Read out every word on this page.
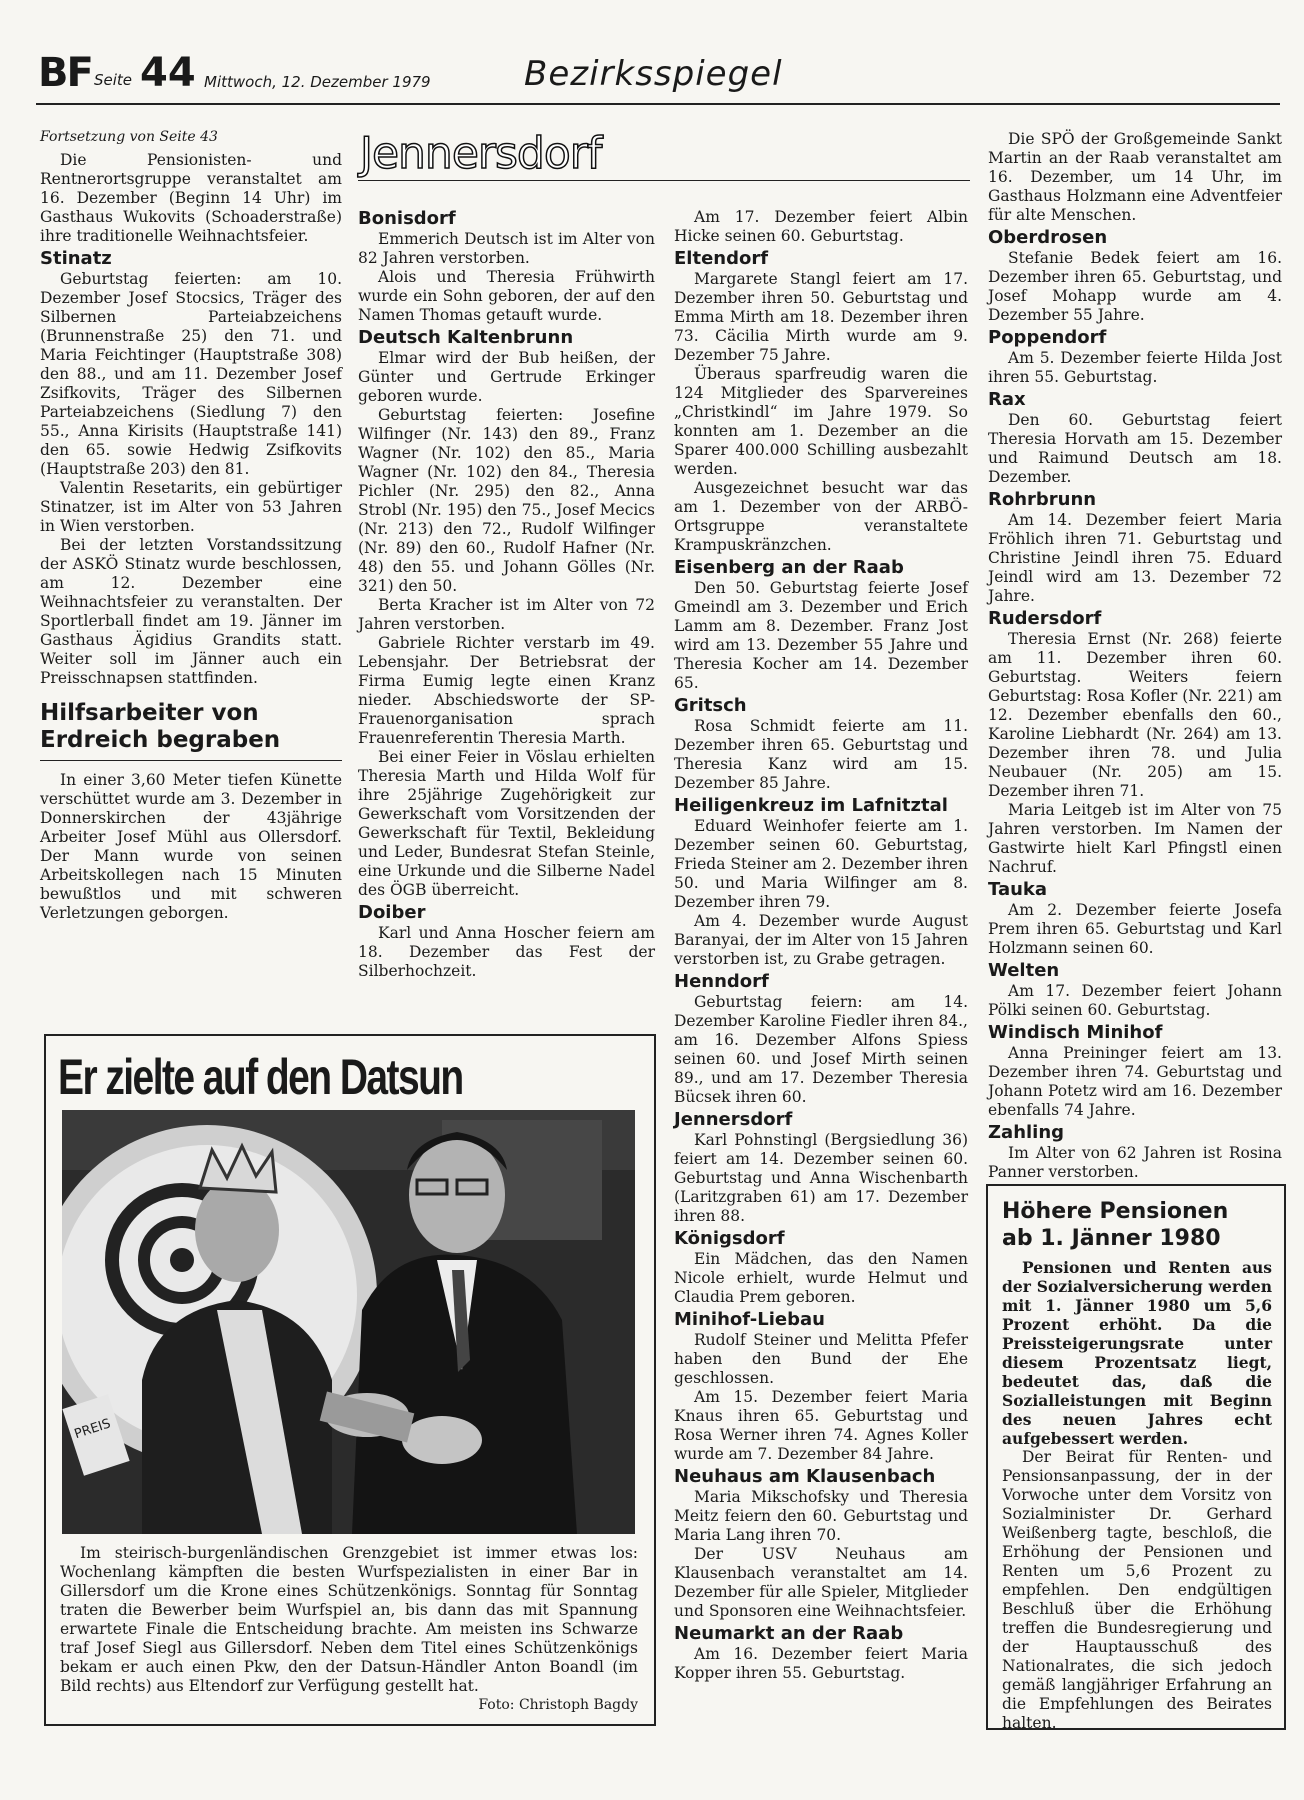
BF Seite 44 Mittwoch, 12. Dezember 1979	Bezirksspiegel

Fortsetzung von Seite 43

Die Pensionisten- und Rentnerortsgruppe veranstaltet am 16. Dezember (Beginn 14 Uhr) im Gasthaus Wukovits (Schoaderstraße) ihre traditionelle Weihnachtsfeier.

Stinatz

Geburtstag feierten: am 10. Dezember Josef Stocsics, Träger des Silbernen Parteiabzeichens (Brunnenstraße 25) den 71. und Maria Feichtinger (Hauptstraße 308) den 88., und am 11. Dezember Josef Zsifkovits, Träger des Silbernen Parteiabzeichens (Siedlung 7) den 55., Anna Kirisits (Hauptstraße 141) den 65. sowie Hedwig Zsifkovits (Hauptstraße 203) den 81.

Valentin Resetarits, ein gebürtiger Stinatzer, ist im Alter von 53 Jahren in Wien verstorben.

Bei der letzten Vorstandssitzung der ASKÖ Stinatz wurde beschlossen, am 12. Dezember eine Weihnachtsfeier zu veranstalten. Der Sportlerball findet am 19. Jänner im Gasthaus Ägidius Grandits statt. Weiter soll im Jänner auch ein Preisschnapsen stattfinden.

Hilfsarbeiter von
Erdreich begraben

In einer 3,60 Meter tiefen Künette verschüttet wurde am 3. Dezember in Donnerskirchen der 43jährige Arbeiter Josef Mühl aus Ollersdorf. Der Mann wurde von seinen Arbeitskollegen nach 15 Minuten bewußtlos und mit schweren Verletzungen geborgen.

Jennersdorf
Bonisdorf

Emmerich Deutsch ist im Alter von 82 Jahren verstorben.

Alois und Theresia Frühwirth wurde ein Sohn geboren, der auf den Namen Thomas getauft wurde.

Deutsch Kaltenbrunn

Elmar wird der Bub heißen, der Günter und Gertrude Erkinger geboren wurde.

Geburtstag feierten: Josefine Wilfinger (Nr. 143) den 89., Franz Wagner (Nr. 102) den 85., Maria Wagner (Nr. 102) den 84., Theresia Pichler (Nr. 295) den 82., Anna Strobl (Nr. 195) den 75., Josef Mecics (Nr. 213) den 72., Rudolf Wilfinger (Nr. 89) den 60., Rudolf Hafner (Nr. 48) den 55. und Johann Gölles (Nr. 321) den 50.

Berta Kracher ist im Alter von 72 Jahren verstorben.

Gabriele Richter verstarb im 49. Lebensjahr. Der Betriebsrat der Firma Eumig legte einen Kranz nieder. Abschiedsworte der SP-Frauenorganisation sprach Frauenreferentin Theresia Marth.

Bei einer Feier in Vöslau erhielten Theresia Marth und Hilda Wolf für ihre 25jährige Zugehörigkeit zur Gewerkschaft vom Vorsitzenden der Gewerkschaft für Textil, Bekleidung und Leder, Bundesrat Stefan Steinle, eine Urkunde und die Silberne Nadel des ÖGB überreicht.

Doiber

Karl und Anna Hoscher feiern am 18. Dezember das Fest der Silberhochzeit.

Am 17. Dezember feiert Albin Hicke seinen 60. Geburtstag.

Eltendorf

Margarete Stangl feiert am 17. Dezember ihren 50. Geburtstag und Emma Mirth am 18. Dezember ihren 73. Cäcilia Mirth wurde am 9. Dezember 75 Jahre.

Überaus sparfreudig waren die 124 Mitglieder des Sparvereines „Christkindl“ im Jahre 1979. So konnten am 1. Dezember an die Sparer 400.000 Schilling ausbezahlt werden.

Ausgezeichnet besucht war das am 1. Dezember von der ARBÖ-Ortsgruppe veranstaltete Krampuskränzchen.

Eisenberg an der Raab

Den 50. Geburtstag feierte Josef Gmeindl am 3. Dezember und Erich Lamm am 8. Dezember. Franz Jost wird am 13. Dezember 55 Jahre und Theresia Kocher am 14. Dezember 65.

Gritsch

Rosa Schmidt feierte am 11. Dezember ihren 65. Geburtstag und Theresia Kanz wird am 15. Dezember 85 Jahre.

Heiligenkreuz im Lafnitztal

Eduard Weinhofer feierte am 1. Dezember seinen 60. Geburtstag, Frieda Steiner am 2. Dezember ihren 50. und Maria Wilfinger am 8. Dezember ihren 79.

Am 4. Dezember wurde August Baranyai, der im Alter von 15 Jahren verstorben ist, zu Grabe getragen.

Henndorf

Geburtstag feiern: am 14. Dezember Karoline Fiedler ihren 84., am 16. Dezember Alfons Spiess seinen 60. und Josef Mirth seinen 89., und am 17. Dezember Theresia Bücsek ihren 60.

Jennersdorf

Karl Pohnstingl (Bergsiedlung 36) feiert am 14. Dezember seinen 60. Geburtstag und Anna Wischenbarth (Laritzgraben 61) am 17. Dezember ihren 88.

Königsdorf

Ein Mädchen, das den Namen Nicole erhielt, wurde Helmut und Claudia Prem geboren.

Minihof-Liebau

Rudolf Steiner und Melitta Pfefer haben den Bund der Ehe geschlossen.

Am 15. Dezember feiert Maria Knaus ihren 65. Geburtstag und Rosa Werner ihren 74. Agnes Koller wurde am 7. Dezember 84 Jahre.

Neuhaus am Klausenbach

Maria Mikschofsky und Theresia Meitz feiern den 60. Geburtstag und Maria Lang ihren 70.

Der USV Neuhaus am Klausenbach veranstaltet am 14. Dezember für alle Spieler, Mitglieder und Sponsoren eine Weihnachtsfeier.

Neumarkt an der Raab

Am 16. Dezember feiert Maria Kopper ihren 55. Geburtstag.

Die SPÖ der Großgemeinde Sankt Martin an der Raab veranstaltet am 16. Dezember, um 14 Uhr, im Gasthaus Holzmann eine Adventfeier für alte Menschen.

Oberdrosen

Stefanie Bedek feiert am 16. Dezember ihren 65. Geburtstag, und Josef Mohapp wurde am 4. Dezember 55 Jahre.

Poppendorf

Am 5. Dezember feierte Hilda Jost ihren 55. Geburtstag.

Rax

Den 60. Geburtstag feiert Theresia Horvath am 15. Dezember und Raimund Deutsch am 18. Dezember.

Rohrbrunn

Am 14. Dezember feiert Maria Fröhlich ihren 71. Geburtstag und Christine Jeindl ihren 75. Eduard Jeindl wird am 13. Dezember 72 Jahre.

Rudersdorf

Theresia Ernst (Nr. 268) feierte am 11. Dezember ihren 60. Geburtstag. Weiters feiern Geburtstag: Rosa Kofler (Nr. 221) am 12. Dezember ebenfalls den 60., Karoline Liebhardt (Nr. 264) am 13. Dezember ihren 78. und Julia Neubauer (Nr. 205) am 15. Dezember ihren 71.

Maria Leitgeb ist im Alter von 75 Jahren verstorben. Im Namen der Gastwirte hielt Karl Pfingstl einen Nachruf.

Tauka

Am 2. Dezember feierte Josefa Prem ihren 65. Geburtstag und Karl Holzmann seinen 60.

Welten

Am 17. Dezember feiert Johann Pölki seinen 60. Geburtstag.

Windisch Minihof

Anna Preininger feiert am 13. Dezember ihren 74. Geburtstag und Johann Potetz wird am 16. Dezember ebenfalls 74 Jahre.

Zahling

Im Alter von 62 Jahren ist Rosina Panner verstorben.

Er zielte auf den Datsun
PREIS
Im steirisch-burgenländischen Grenzgebiet ist immer etwas los: Wochenlang kämpften die besten Wurfspezialisten in einer Bar in Gillersdorf um die Krone eines Schützenkönigs. Sonntag für Sonntag traten die Bewerber beim Wurfspiel an, bis dann das mit Spannung erwartete Finale die Entscheidung brachte. Am meisten ins Schwarze traf Josef Siegl aus Gillersdorf. Neben dem Titel eines Schützenkönigs bekam er auch einen Pkw, den der Datsun-Händler Anton Boandl (im Bild rechts) aus Eltendorf zur Verfügung gestellt hat.
Foto: Christoph Bagdy
Höhere Pensionen
ab 1. Jänner 1980

Pensionen und Renten aus der Sozialversicherung werden mit 1. Jänner 1980 um 5,6 Prozent erhöht. Da die Preissteigerungsrate unter diesem Prozentsatz liegt, bedeutet das, daß die Sozialleistungen mit Beginn des neuen Jahres echt aufgebessert werden.

Der Beirat für Renten- und Pensionsanpassung, der in der Vorwoche unter dem Vorsitz von Sozialminister Dr. Gerhard Weißenberg tagte, beschloß, die Erhöhung der Pensionen und Renten um 5,6 Prozent zu empfehlen. Den endgültigen Beschluß über die Erhöhung treffen die Bundesregierung und der Hauptausschuß des Nationalrates, die sich jedoch gemäß langjähriger Erfahrung an die Empfehlungen des Beirates halten.
